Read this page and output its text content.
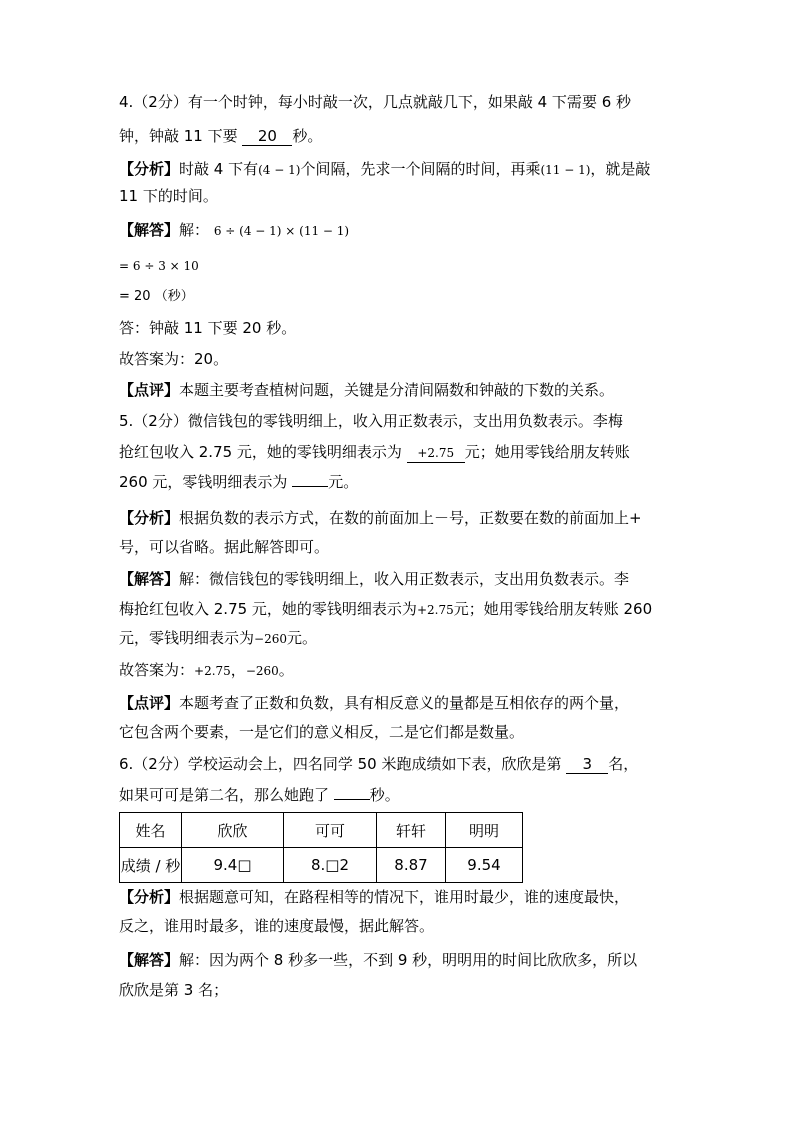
4.（2分）有一个时钟，每小时敲一次，几点就敲几下，如果敲 4 下需要 6 秒
钟，钟敲 11 下要 20 秒。
【分析】时敲 4 下有(4 − 1)个间隔，先求一个间隔的时间，再乘(11 − 1)，就是敲
11 下的时间。
【解答】解： 6 ÷ (4 − 1) × (11 − 1)
= 6 ÷ 3 × 10
= 20 （秒）
答：钟敲 11 下要 20 秒。
故答案为：20。
【点评】本题主要考查植树问题，关键是分清间隔数和钟敲的下数的关系。
5.（2分）微信钱包的零钱明细上，收入用正数表示，支出用负数表示。李梅
抢红包收入 2.75 元，她的零钱明细表示为 +2.75 元；她用零钱给朋友转账
260 元，零钱明细表示为	元。
【分析】根据负数的表示方式，在数的前面加上－号，正数要在数的前面加上+
号，可以省略。据此解答即可。
【解答】解：微信钱包的零钱明细上，收入用正数表示，支出用负数表示。李
梅抢红包收入 2.75 元，她的零钱明细表示为+2.75元；她用零钱给朋友转账 260
元，零钱明细表示为−260元。
故答案为：+2.75，−260。
【点评】本题考查了正数和负数，具有相反意义的量都是互相依存的两个量，
它包含两个要素，一是它们的意义相反，二是它们都是数量。
6.（2分）学校运动会上，四名同学 50 米跑成绩如下表，欣欣是第 3 名，
如果可可是第二名，那么她跑了	秒。
姓名	欣欣	可可	轩轩	明明
成绩 / 秒	9.4□	8.□2	8.87	9.54
【分析】根据题意可知，在路程相等的情况下，谁用时最少，谁的速度最快，
反之，谁用时最多，谁的速度最慢，据此解答。
【解答】解：因为两个 8 秒多一些，不到 9 秒，明明用的时间比欣欣多，所以
欣欣是第 3 名；
